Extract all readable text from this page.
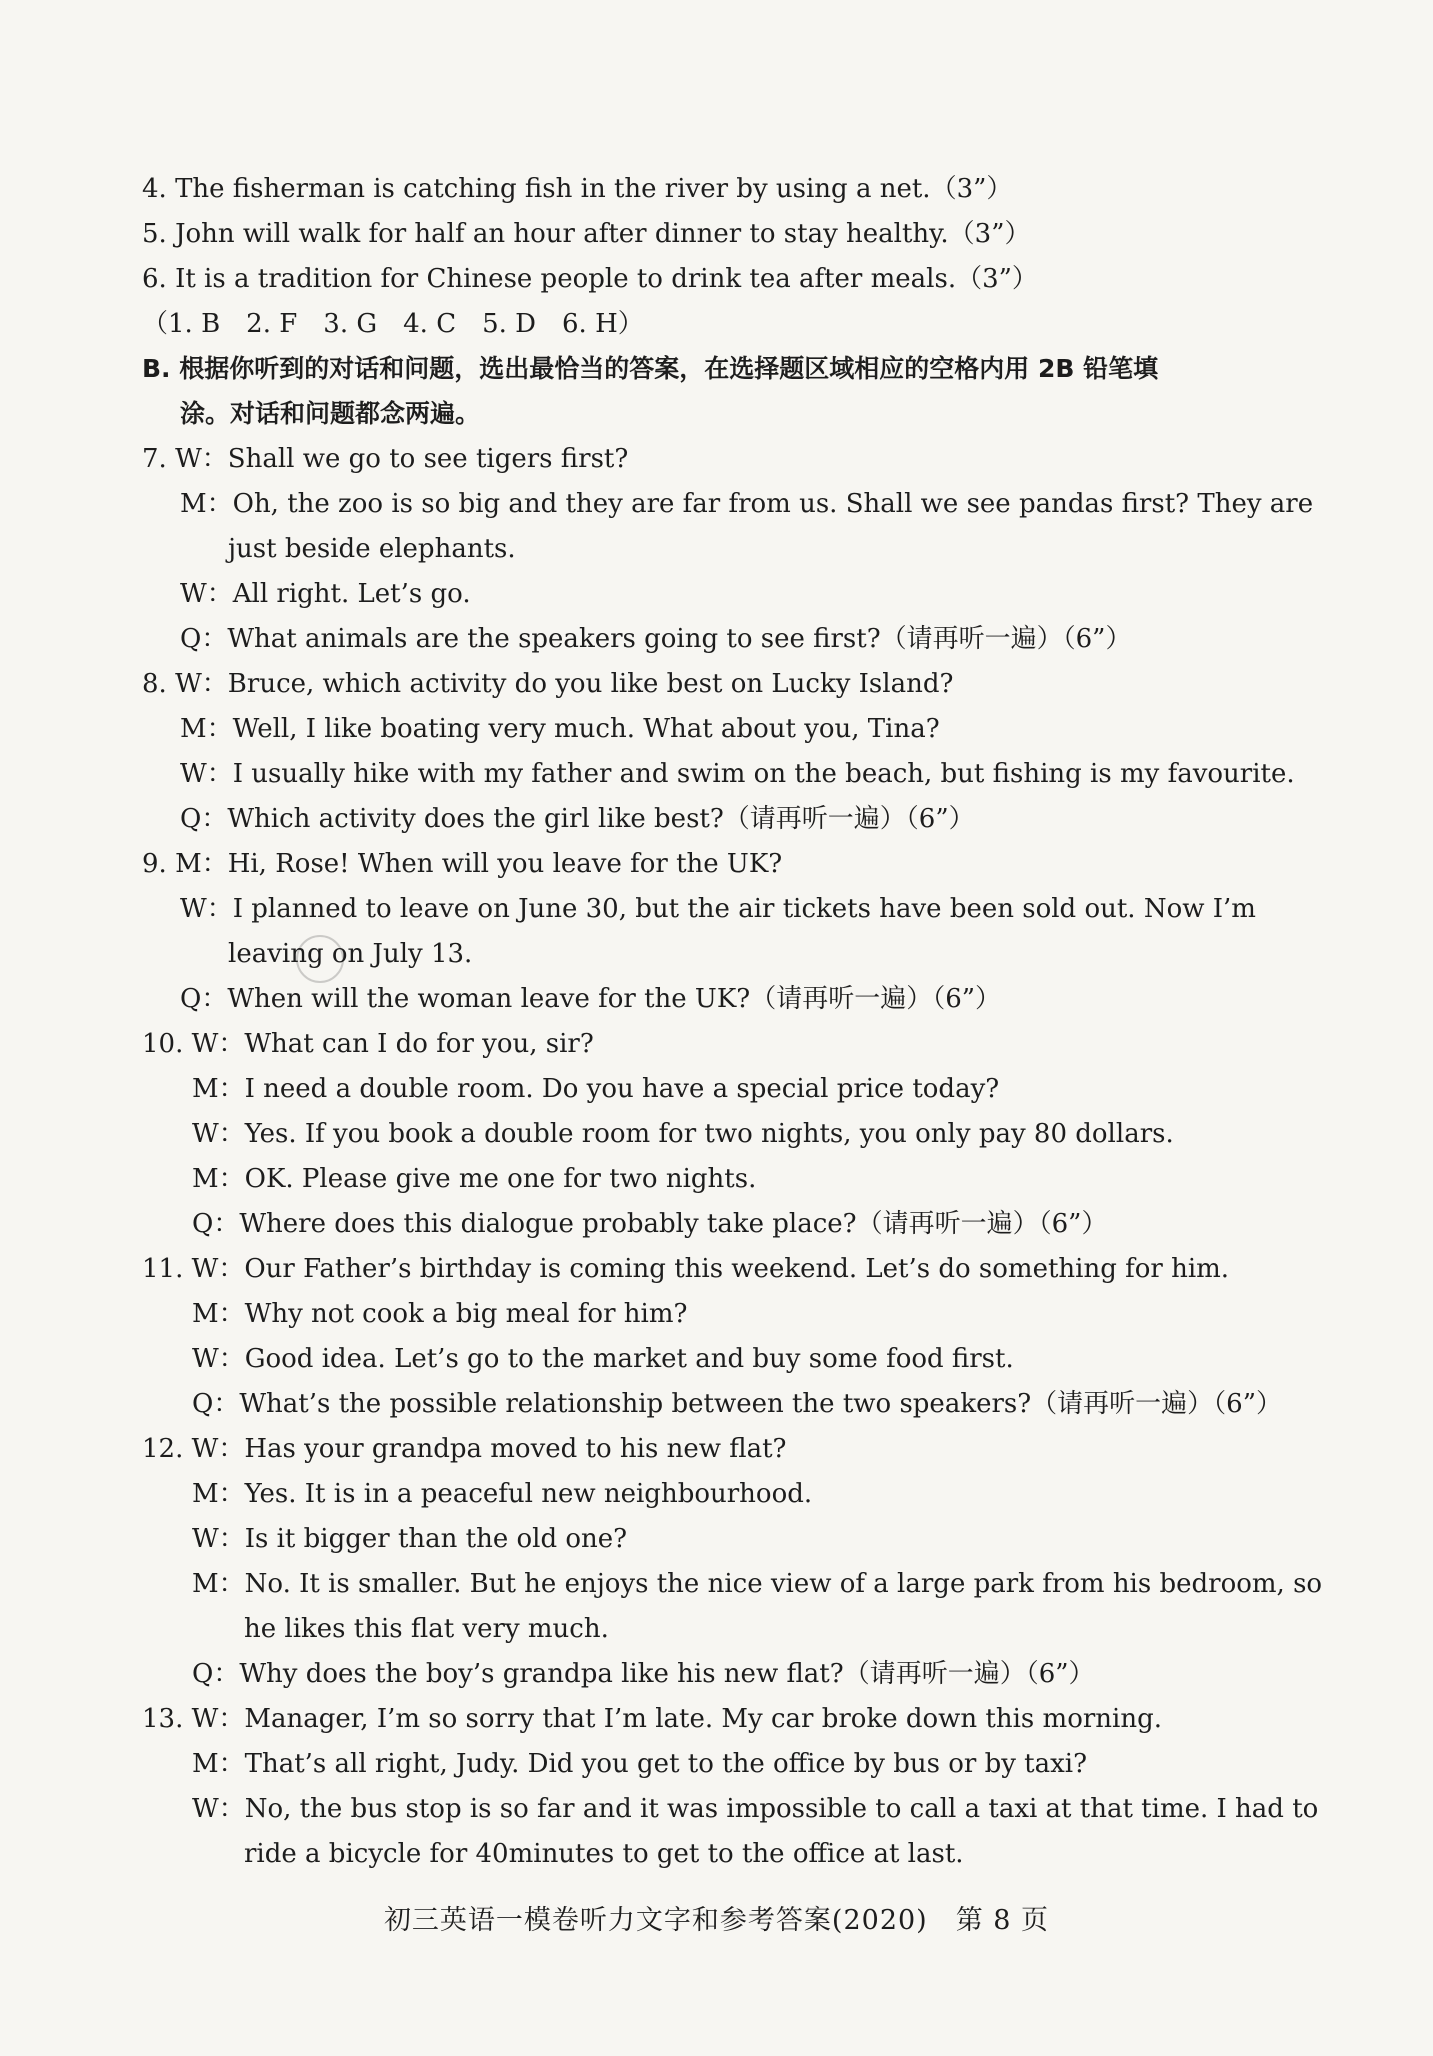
4. The fisherman is catching fish in the river by using a net.（3”）
5. John will walk for half an hour after dinner to stay healthy.（3”）
6. It is a tradition for Chinese people to drink tea after meals.（3”）
（1. B　2. F　3. G　4. C　5. D　6. H）
B. 根据你听到的对话和问题，选出最恰当的答案，在选择题区域相应的空格内用 2B 铅笔填
涂。对话和问题都念两遍。
7. W：Shall we go to see tigers first?
M：Oh, the zoo is so big and they are far from us. Shall we see pandas first? They are
just beside elephants.
W：All right. Let’s go.
Q：What animals are the speakers going to see first?（请再听一遍）（6”）
8. W：Bruce, which activity do you like best on Lucky Island?
M：Well, I like boating very much. What about you, Tina?
W：I usually hike with my father and swim on the beach, but fishing is my favourite.
Q：Which activity does the girl like best?（请再听一遍）（6”）
9. M：Hi, Rose! When will you leave for the UK?
W：I planned to leave on June 30, but the air tickets have been sold out. Now I’m
leaving on July 13.
Q：When will the woman leave for the UK?（请再听一遍）（6”）
10. W：What can I do for you, sir?
M：I need a double room. Do you have a special price today?
W：Yes. If you book a double room for two nights, you only pay 80 dollars.
M：OK. Please give me one for two nights.
Q：Where does this dialogue probably take place?（请再听一遍）（6”）
11. W：Our Father’s birthday is coming this weekend. Let’s do something for him.
M：Why not cook a big meal for him?
W：Good idea. Let’s go to the market and buy some food first.
Q：What’s the possible relationship between the two speakers?（请再听一遍）（6”）
12. W：Has your grandpa moved to his new flat?
M：Yes. It is in a peaceful new neighbourhood.
W：Is it bigger than the old one?
M：No. It is smaller. But he enjoys the nice view of a large park from his bedroom, so
he likes this flat very much.
Q：Why does the boy’s grandpa like his new flat?（请再听一遍）（6”）
13. W：Manager, I’m so sorry that I’m late. My car broke down this morning.
M：That’s all right, Judy. Did you get to the office by bus or by taxi?
W：No, the bus stop is so far and it was impossible to call a taxi at that time. I had to
ride a bicycle for 40minutes to get to the office at last.
初三英语一模卷听力文字和参考答案(2020)　第 8 页
